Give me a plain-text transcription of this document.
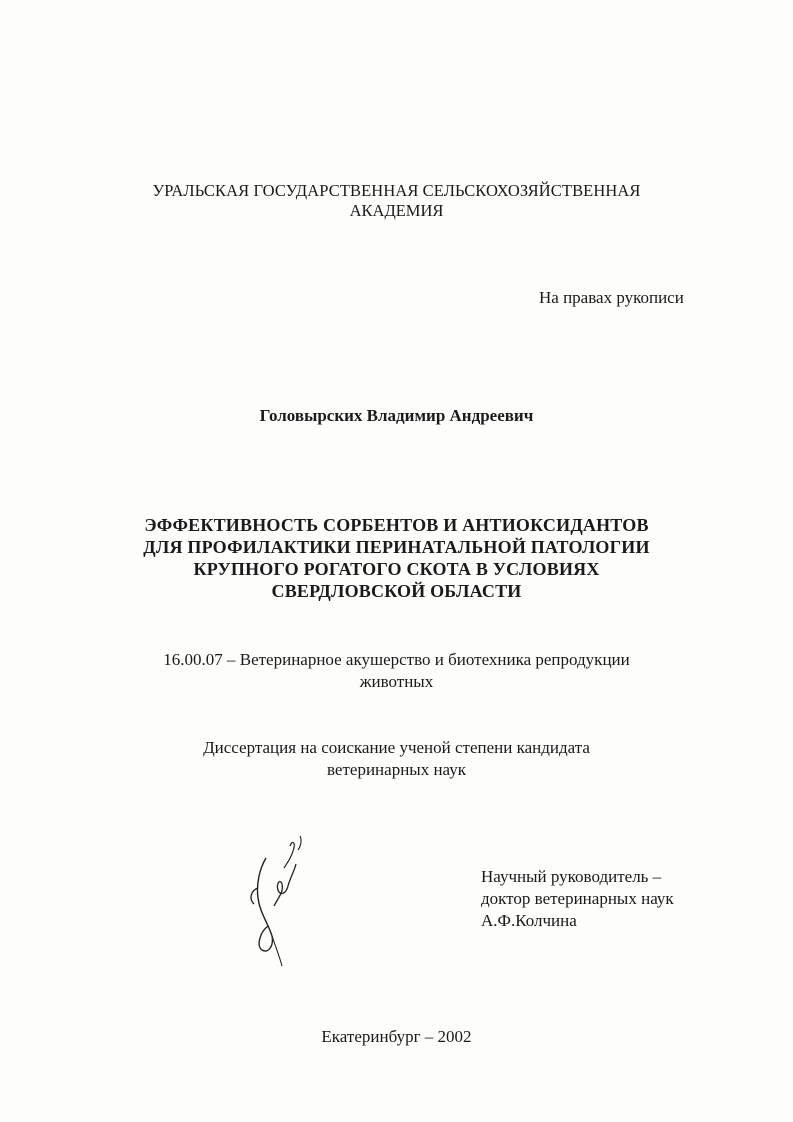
УРАЛЬСКАЯ ГОСУДАРСТВЕННАЯ СЕЛЬСКОХОЗЯЙСТВЕННАЯ
АКАДЕМИЯ
На правах рукописи
Головырских Владимир Андреевич
ЭФФЕКТИВНОСТЬ СОРБЕНТОВ И АНТИОКСИДАНТОВ
ДЛЯ ПРОФИЛАКТИКИ ПЕРИНАТАЛЬНОЙ ПАТОЛОГИИ
КРУПНОГО РОГАТОГО СКОТА В УСЛОВИЯХ
СВЕРДЛОВСКОЙ ОБЛАСТИ
16.00.07 – Ветеринарное акушерство и биотехника репродукции
животных
Диссертация на соискание ученой степени кандидата
ветеринарных наук
Научный руководитель –
доктор ветеринарных наук
А.Ф.Колчина
Екатеринбург – 2002
